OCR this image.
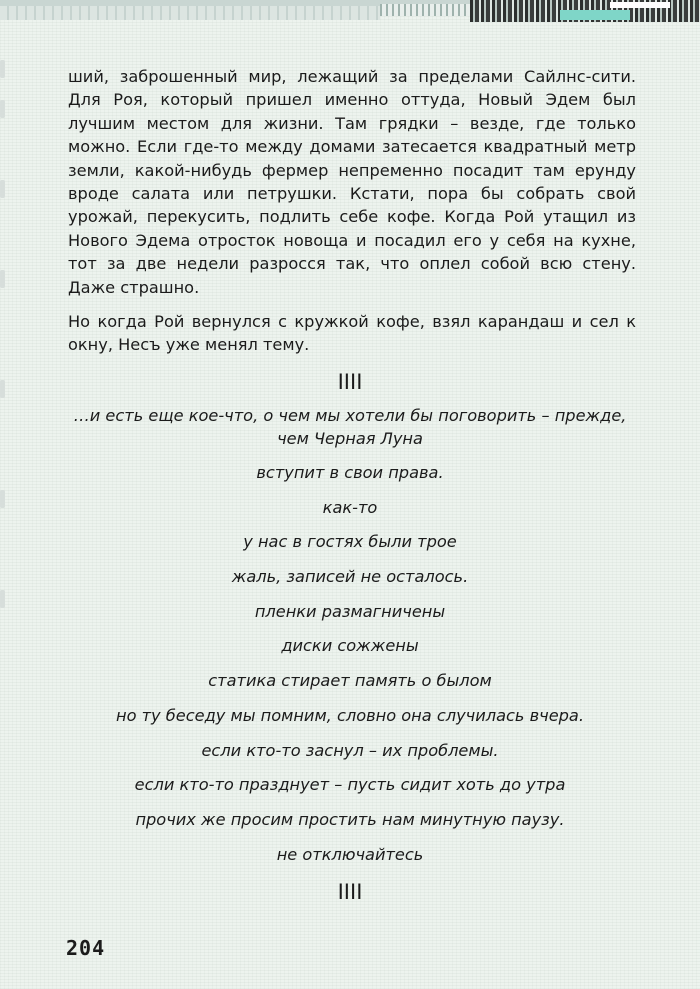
ший, заброшенный мир, лежащий за пределами Сайлнс-сити. Для Роя, который пришел именно оттуда, Новый Эдем был лучшим местом для жизни. Там грядки – везде, где только можно. Если где-то между домами затесается квадратный метр земли, какой-нибудь фермер непременно посадит там ерунду вроде салата или петрушки. Кстати, пора бы собрать свой урожай, перекусить, подлить себе кофе. Когда Рой утащил из Нового Эдема отросток новоща и посадил его у себя на кухне, тот за две недели разросся так, что оплел собой всю стену. Даже страшно.

Но когда Рой вернулся с кружкой кофе, взял карандаш и сел к окну, Несъ уже менял тему.

IIII

…и есть еще кое-что, о чем мы хотели бы поговорить – прежде, чем Черная Луна

вступит в свои права.

как-то

у нас в гостях были трое

жаль, записей не осталось.

пленки размагничены

диски сожжены

статика стирает память о былом

но ту беседу мы помним, словно она случилась вчера.

если кто-то заснул – их проблемы.

если кто-то празднует – пусть сидит хоть до утра

прочих же просим простить нам минутную паузу.

не отключайтесь

IIII
204
